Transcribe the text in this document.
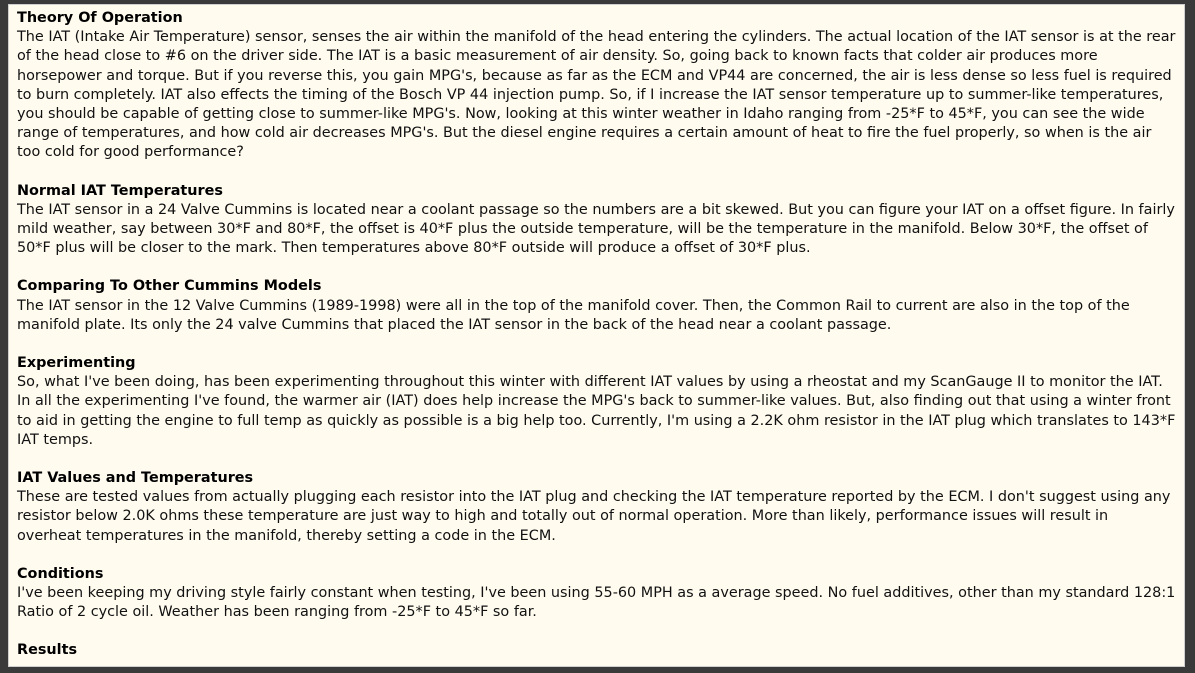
Theory Of Operation

The IAT (Intake Air Temperature) sensor, senses the air within the manifold of the head entering the cylinders. The actual location of the IAT sensor is at the rear of the head close to #6 on the driver side. The IAT is a basic measurement of air density. So, going back to known facts that colder air produces more horsepower and torque. But if you reverse this, you gain MPG's, because as far as the ECM and VP44 are concerned, the air is less dense so less fuel is required to burn completely. IAT also effects the timing of the Bosch VP 44 injection pump. So, if I increase the IAT sensor temperature up to summer-like temperatures, you should be capable of getting close to summer-like MPG's. Now, looking at this winter weather in Idaho ranging from -25*F to 45*F, you can see the wide range of temperatures, and how cold air decreases MPG's. But the diesel engine requires a certain amount of heat to fire the fuel properly, so when is the air too cold for good performance?

Normal IAT Temperatures

The IAT sensor in a 24 Valve Cummins is located near a coolant passage so the numbers are a bit skewed. But you can figure your IAT on a offset figure. In fairly mild weather, say between 30*F and 80*F, the offset is 40*F plus the outside temperature, will be the temperature in the manifold. Below 30*F, the offset of 50*F plus will be closer to the mark. Then temperatures above 80*F outside will produce a offset of 30*F plus.

Comparing To Other Cummins Models

The IAT sensor in the 12 Valve Cummins (1989-1998) were all in the top of the manifold cover. Then, the Common Rail to current are also in the top of the manifold plate. Its only the 24 valve Cummins that placed the IAT sensor in the back of the head near a coolant passage.

Experimenting

So, what I've been doing, has been experimenting throughout this winter with different IAT values by using a rheostat and my ScanGauge II to monitor the IAT. In all the experimenting I've found, the warmer air (IAT) does help increase the MPG's back to summer-like values. But, also finding out that using a winter front to aid in getting the engine to full temp as quickly as possible is a big help too. Currently, I'm using a 2.2K ohm resistor in the IAT plug which translates to 143*F IAT temps.

IAT Values and Temperatures

These are tested values from actually plugging each resistor into the IAT plug and checking the IAT temperature reported by the ECM. I don't suggest using any resistor below 2.0K ohms these temperature are just way to high and totally out of normal operation. More than likely, performance issues will result in overheat temperatures in the manifold, thereby setting a code in the ECM.

Conditions

I've been keeping my driving style fairly constant when testing, I've been using 55-60 MPH as a average speed. No fuel additives, other than my standard 128:1 Ratio of 2 cycle oil. Weather has been ranging from -25*F to 45*F so far.

Results
